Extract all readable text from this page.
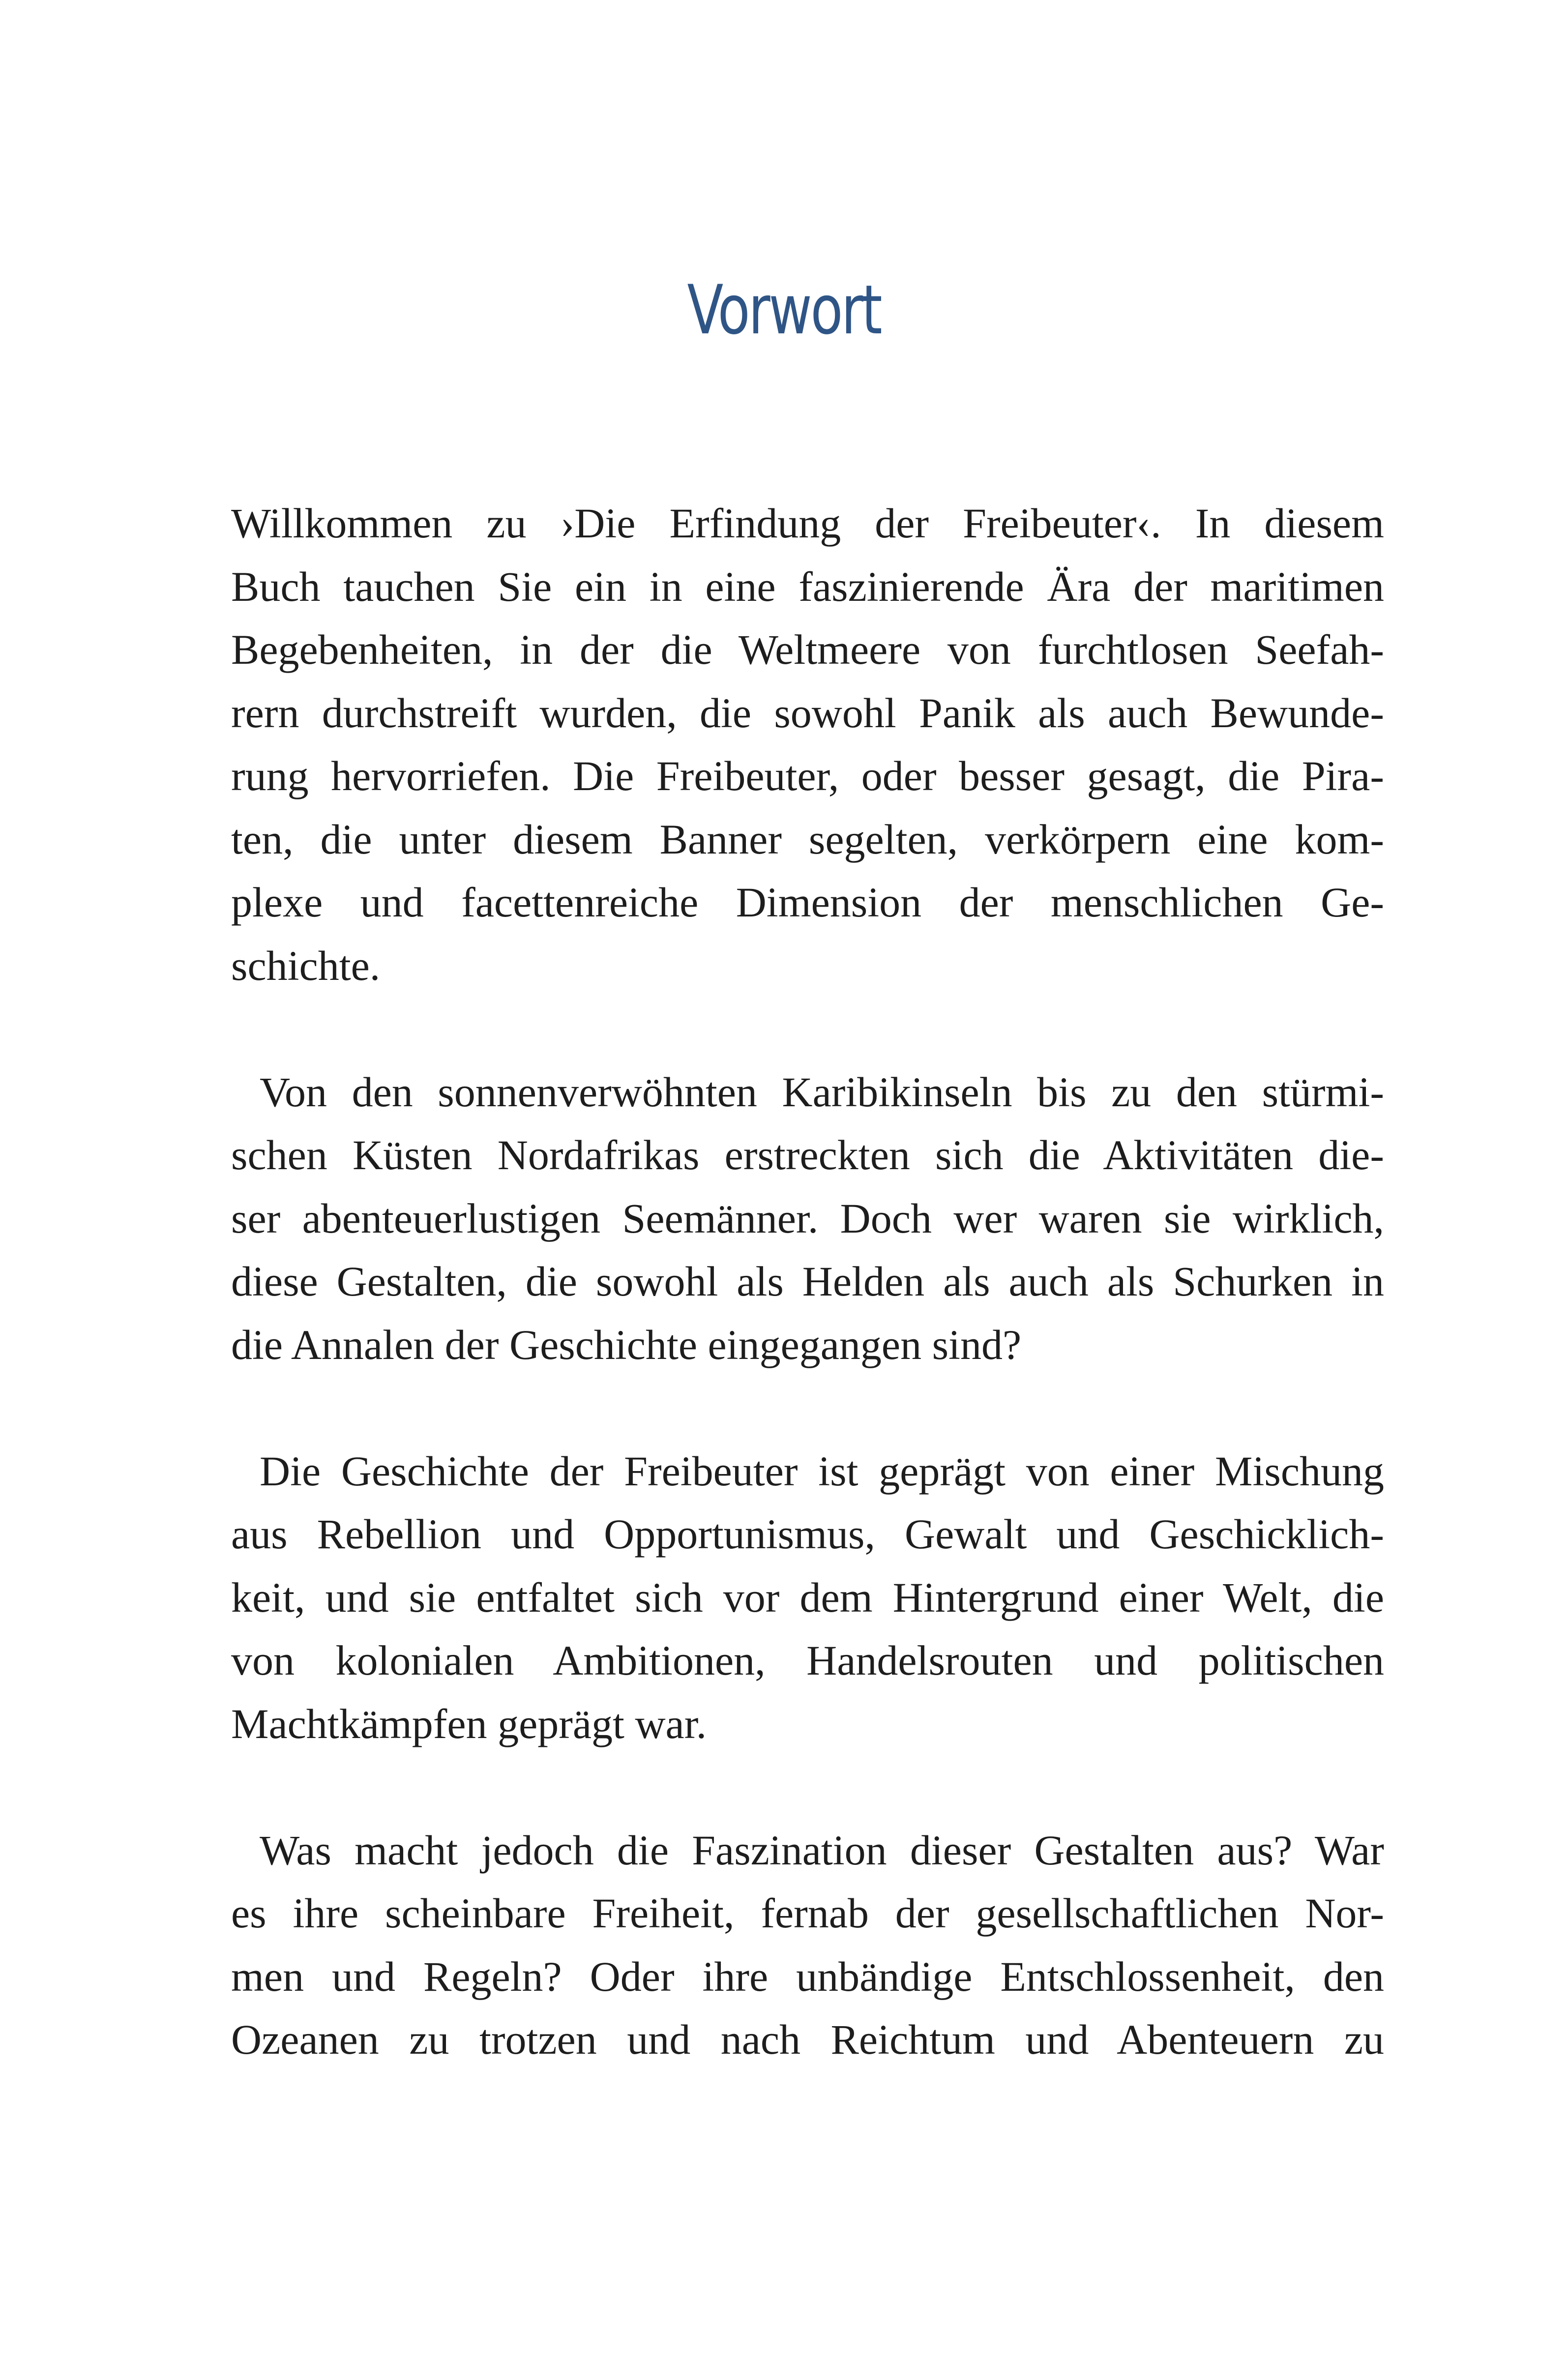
Vorwort

Willkommen zu ›Die Erfindung der Freibeuter‹. In diesem
Buch tauchen Sie ein in eine faszinierende Ära der maritimen
Begebenheiten, in der die Weltmeere von furchtlosen Seefah-
rern durchstreift wurden, die sowohl Panik als auch Bewunde-
rung hervorriefen. Die Freibeuter, oder besser gesagt, die Pira-
ten, die unter diesem Banner segelten, verkörpern eine kom-
plexe und facettenreiche Dimension der menschlichen Ge-
schichte.

Von den sonnenverwöhnten Karibikinseln bis zu den stürmi-
schen Küsten Nordafrikas erstreckten sich die Aktivitäten die-
ser abenteuerlustigen Seemänner. Doch wer waren sie wirklich,
diese Gestalten, die sowohl als Helden als auch als Schurken in
die Annalen der Geschichte eingegangen sind?

Die Geschichte der Freibeuter ist geprägt von einer Mischung
aus Rebellion und Opportunismus, Gewalt und Geschicklich-
keit, und sie entfaltet sich vor dem Hintergrund einer Welt, die
von kolonialen Ambitionen, Handelsrouten und politischen
Machtkämpfen geprägt war.

Was macht jedoch die Faszination dieser Gestalten aus? War
es ihre scheinbare Freiheit, fernab der gesellschaftlichen Nor-
men und Regeln? Oder ihre unbändige Entschlossenheit, den
Ozeanen zu trotzen und nach Reichtum und Abenteuern zu
